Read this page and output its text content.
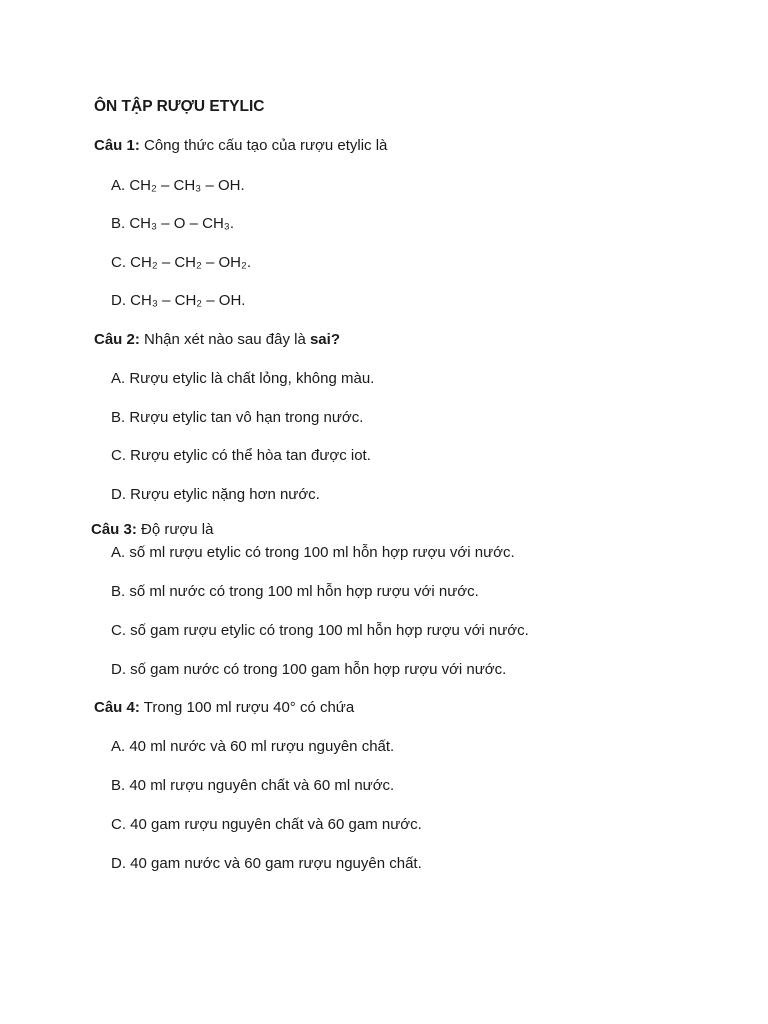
ÔN TẬP RƯỢU ETYLIC
Câu 1: Công thức cấu tạo của rượu etylic là
A. CH₂ – CH₃ – OH.
B. CH₃ – O – CH₃.
C. CH₂ – CH₂ – OH₂.
D. CH₃ – CH₂ – OH.
Câu 2: Nhận xét nào sau đây là sai?
A. Rượu etylic là chất lỏng, không màu.
B. Rượu etylic tan vô hạn trong nước.
C. Rượu etylic có thể hòa tan được iot.
D. Rượu etylic nặng hơn nước.
Câu 3: Độ rượu là
A. số ml rượu etylic có trong 100 ml hỗn hợp rượu với nước.
B. số ml nước có trong 100 ml hỗn hợp rượu với nước.
C. số gam rượu etylic có trong 100 ml hỗn hợp rượu với nước.
D. số gam nước có trong 100 gam hỗn hợp rượu với nước.
Câu 4: Trong 100 ml rượu 40° có chứa
A. 40 ml nước và 60 ml rượu nguyên chất.
B. 40 ml rượu nguyên chất và 60 ml nước.
C. 40 gam rượu nguyên chất và 60 gam nước.
D. 40 gam nước và 60 gam rượu nguyên chất.
